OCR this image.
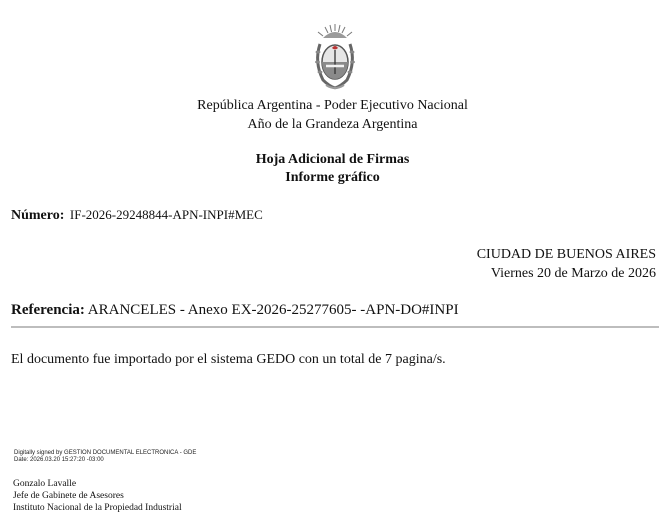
República Argentina - Poder Ejecutivo Nacional
Año de la Grandeza Argentina
Hoja Adicional de Firmas
Informe gráfico
Número: IF-2026-29248844-APN-INPI#MEC
CIUDAD DE BUENOS AIRES
Viernes 20 de Marzo de 2026
Referencia: ARANCELES - Anexo EX-2026-25277605- -APN-DO#INPI
El documento fue importado por el sistema GEDO con un total de 7 pagina/s.
Digitally signed by GESTION DOCUMENTAL ELECTRONICA - GDE
Date: 2026.03.20 15:27:20 -03:00
Gonzalo Lavalle
Jefe de Gabinete de Asesores
Instituto Nacional de la Propiedad Industrial
